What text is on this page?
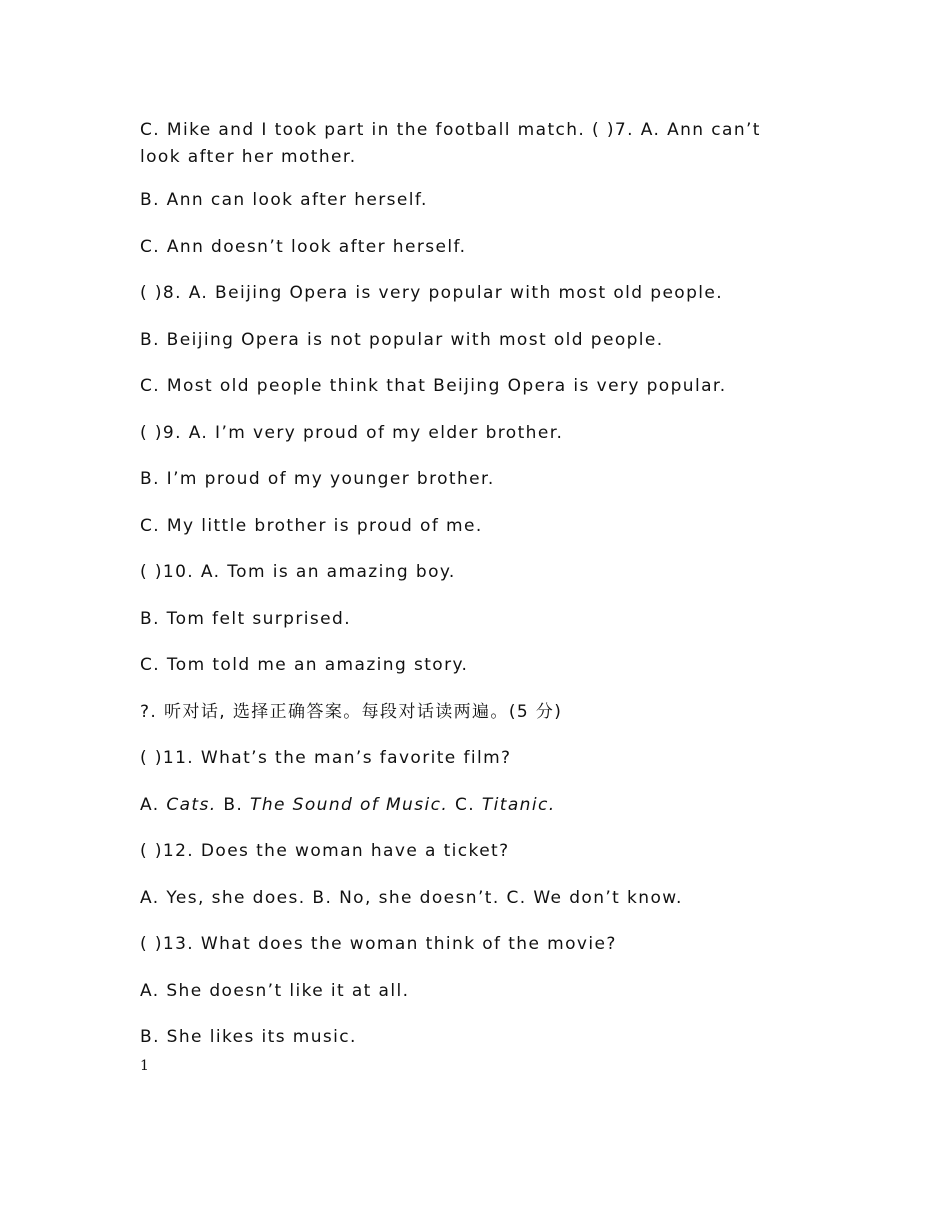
C. Mike and I took part in the football match. ( )7. A. Ann can’t look after her mother.

B. Ann can look after herself.

C. Ann doesn’t look after herself.

( )8. A. Beijing Opera is very popular with most old people.

B. Beijing Opera is not popular with most old people.

C. Most old people think that Beijing Opera is very popular.

( )9. A. I’m very proud of my elder brother.

B. I’m proud of my younger brother.

C. My little brother is proud of me.

( )10. A. Tom is an amazing boy.

B. Tom felt surprised.

C. Tom told me an amazing story.

?. 听对话, 选择正确答案。每段对话读两遍。(5 分)

( )11. What’s the man’s favorite film?

A. Cats. B. The Sound of Music. C. Titanic.

( )12. Does the woman have a ticket?

A. Yes, she does. B. No, she doesn’t. C. We don’t know.

( )13. What does the woman think of the movie?

A. She doesn’t like it at all.

B. She likes its music.

1
